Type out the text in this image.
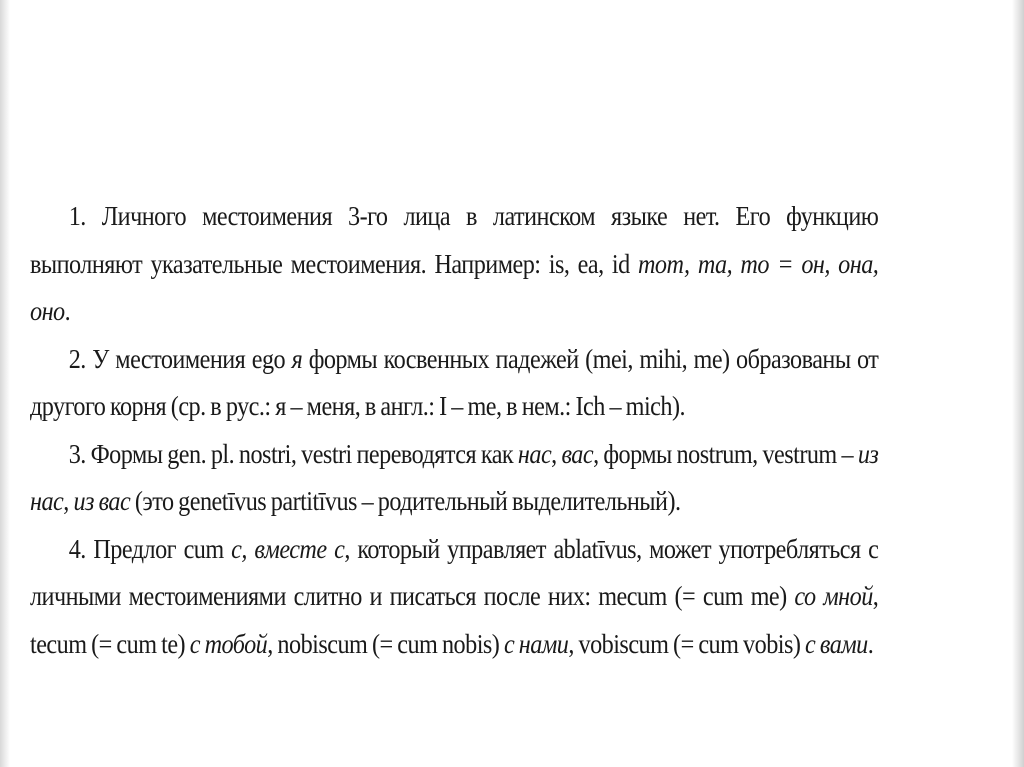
1. Личного местоимения 3-го лица в латинском языке нет. Его функцию выполняют указательные местоимения. Например: is, ea, id тот, та, то = он, она, оно.

2. У местоимения ego я формы косвенных падежей (mei, mihi, me) образованы от другого корня (ср. в рус.: я – меня, в англ.: I – me, в нем.: Ich – mich).

3. Формы gen. pl. nostri, vestri переводятся как нас, вас, формы nostrum, vestrum – из нас, из вас (это genetīvus partitīvus – родительный выделительный).

4. Предлог cum с, вместе с, который управляет ablatīvus, может употребляться с личными местоимениями слитно и писаться после них: mecum (= cum me) со мной, tecum (= cum te) с тобой, nobiscum (= cum nobis) с нами, vobiscum (= cum vobis) с вами.
